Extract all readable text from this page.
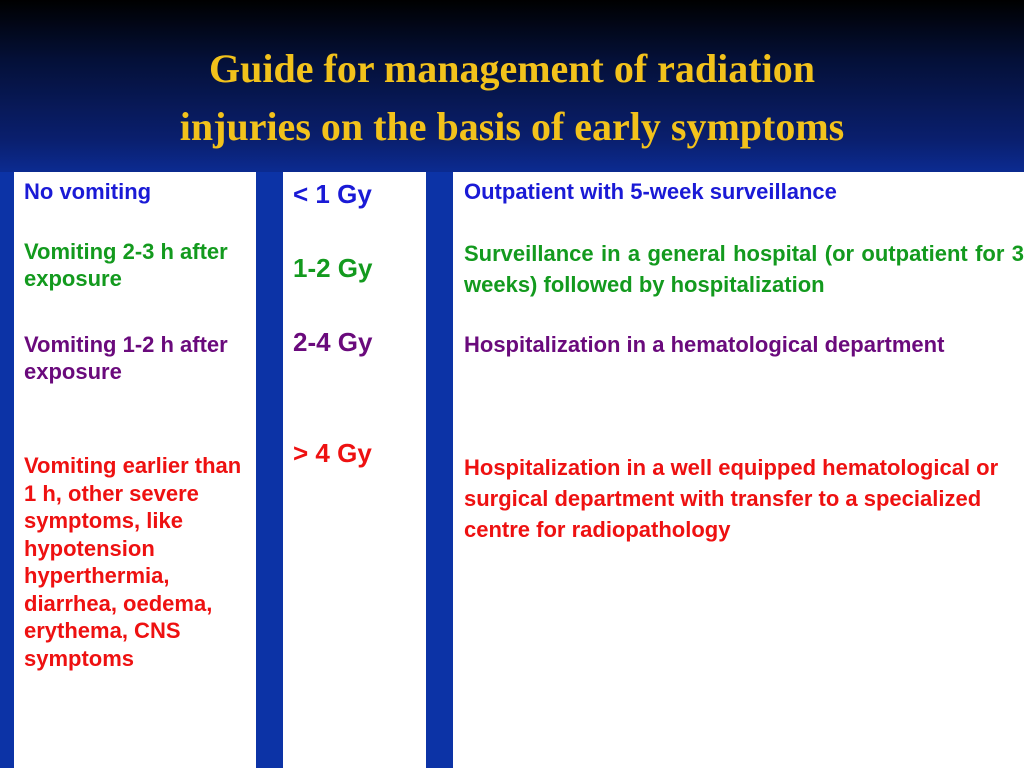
Guide for management of radiation
injuries on the basis of early symptoms

No vomiting

Vomiting 2-3 h after exposure

Vomiting 1-2 h after exposure

Vomiting earlier than 1 h, other severe symptoms, like hypotension hyperthermia, diarrhea, oedema, erythema, CNS symptoms

< 1 Gy

1-2 Gy

2-4 Gy

> 4 Gy

Outpatient with 5-week surveillance

Surveillance in a general hospital (or outpatient for 3 weeks) followed by hospitalization

Hospitalization in a hematological department

Hospitalization in a well equipped hematological or surgical department with transfer to a specialized centre for radiopathology
